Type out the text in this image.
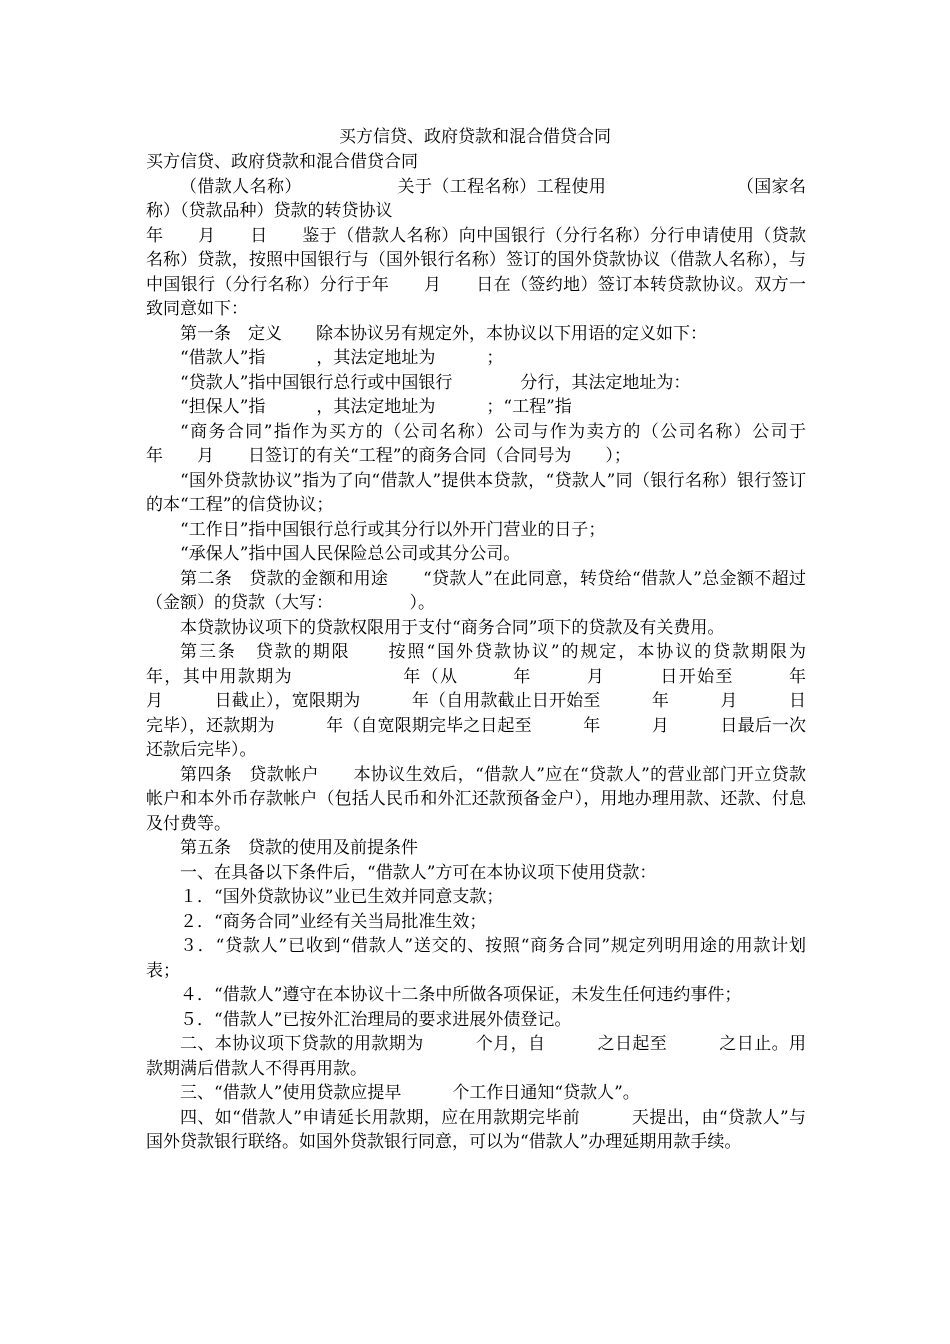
买方信贷、政府贷款和混合借贷合同

买方信贷、政府贷款和混合借贷合同

（借款人名称）　　　　　　关于（工程名称）工程使用　　　　　　　　（国家名称）（贷款品种）贷款的转贷协议

年　　月　　日　　鉴于（借款人名称）向中国银行（分行名称）分行申请使用（贷款名称）贷款，按照中国银行与（国外银行名称）签订的国外贷款协议（借款人名称），与中国银行（分行名称）分行于年　　月　　日在（签约地）签订本转贷款协议。双方一致同意如下：

第一条　定义　　除本协议另有规定外，本协议以下用语的定义如下：

“借款人”指　　　，其法定地址为　　　；

“贷款人”指中国银行总行或中国银行　　　　分行，其法定地址为：

“担保人”指　　　，其法定地址为　　　；“工程”指

“商务合同”指作为买方的（公司名称）公司与作为卖方的（公司名称）公司于　　　年　　月　　日签订的有关“工程”的商务合同（合同号为　　）；

“国外贷款协议”指为了向“借款人”提供本贷款，“贷款人”同（银行名称）银行签订的本“工程”的信贷协议；

“工作日”指中国银行总行或其分行以外开门营业的日子；

“承保人”指中国人民保险总公司或其分公司。

第二条　贷款的金额和用途　　“贷款人”在此同意，转贷给“借款人”总金额不超过（金额）的贷款（大写：　　　　　）。

本贷款协议项下的贷款权限用于支付“商务合同”项下的贷款及有关费用。

第三条　贷款的期限　　按照“国外贷款协议”的规定，本协议的贷款期限为　　　年，其中用款期为　　　　　　年（从　　　年　　　月　　　日开始至　　　年　　　月　　　日截止），宽限期为　　　年（自用款截止日开始至　　　年　　　月　　　日完毕），还款期为　　　年（自宽限期完毕之日起至　　　年　　　月　　　日最后一次还款后完毕）。

第四条　贷款帐户　　本协议生效后，“借款人”应在“贷款人”的营业部门开立贷款帐户和本外币存款帐户（包括人民币和外汇还款预备金户），用地办理用款、还款、付息及付费等。

第五条　贷款的使用及前提条件

一、在具备以下条件后，“借款人”方可在本协议项下使用贷款：

１．“国外贷款协议”业已生效并同意支款；

２．“商务合同”业经有关当局批准生效；

３．“贷款人”已收到“借款人”送交的、按照“商务合同”规定列明用途的用款计划表；

４．“借款人”遵守在本协议十二条中所做各项保证，未发生任何违约事件；

５．“借款人”已按外汇治理局的要求进展外债登记。

二、本协议项下贷款的用款期为　　　个月，自　　　之日起至　　　之日止。用款期满后借款人不得再用款。

三、“借款人”使用贷款应提早　　　个工作日通知“贷款人”。

四、如“借款人”申请延长用款期，应在用款期完毕前　　　天提出，由“贷款人”与国外贷款银行联络。如国外贷款银行同意，可以为“借款人”办理延期用款手续。
